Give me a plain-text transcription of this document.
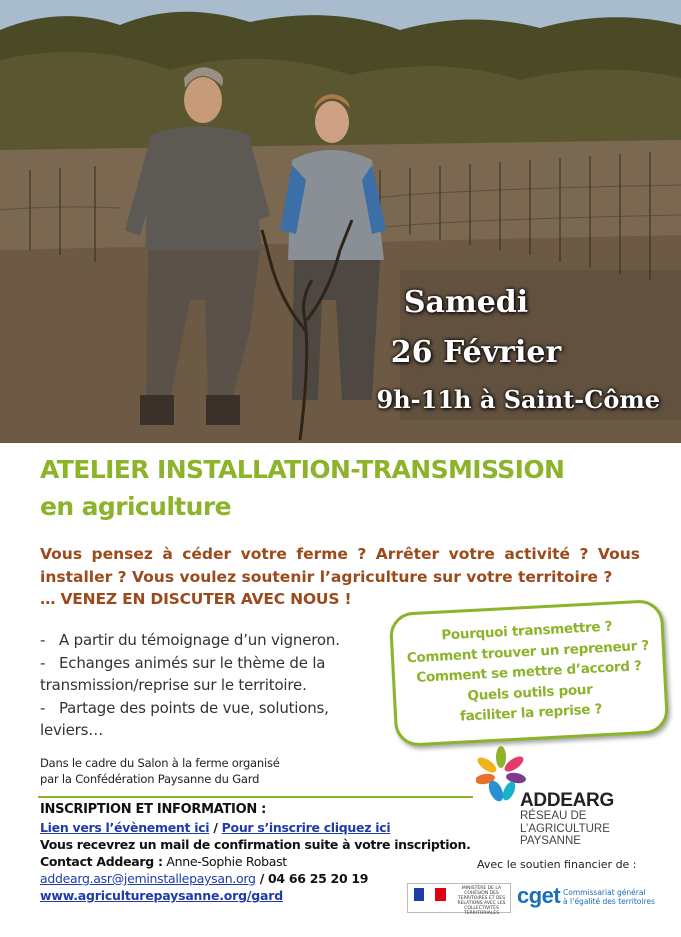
Samedi
26 Février
9h-11h à Saint-Côme
ATELIER INSTALLATION-TRANSMISSION
en agriculture
Vous pensez à céder votre ferme ? Arrêter votre activité ? Vous
installer ? Vous voulez soutenir l’agriculture sur votre territoire ?
… VENEZ EN DISCUTER AVEC NOUS !
- A partir du témoignage d’un vigneron.
- Echanges animés sur le thème de la
transmission/reprise sur le territoire.
- Partage des points de vue, solutions,
leviers…
Pourquoi transmettre ?
Comment trouver un repreneur ?
Comment se mettre d’accord ?
Quels outils pour
faciliter la reprise ?
Dans le cadre du Salon à la ferme organisé
par la Confédération Paysanne du Gard
INSCRIPTION ET INFORMATION :
Lien vers l’évènement ici / Pour s’inscrire cliquez ici
Vous recevrez un mail de confirmation suite à votre inscription.
Contact Addearg : Anne-Sophie Robast
addearg.asr@jeminstallepaysan.org / 04 66 25 20 19
www.agriculturepaysanne.org/gard
ADDEARG
RÉSEAU DE
L’AGRICULTURE
PAYSANNE
Avec le soutien financier de :
MINISTÈRE DE LA COHÉSION DES TERRITOIRES ET DES RELATIONS AVEC LES COLLECTIVITÉS TERRITORIALES
cget Commissariat général
à l’égalité des territoires
